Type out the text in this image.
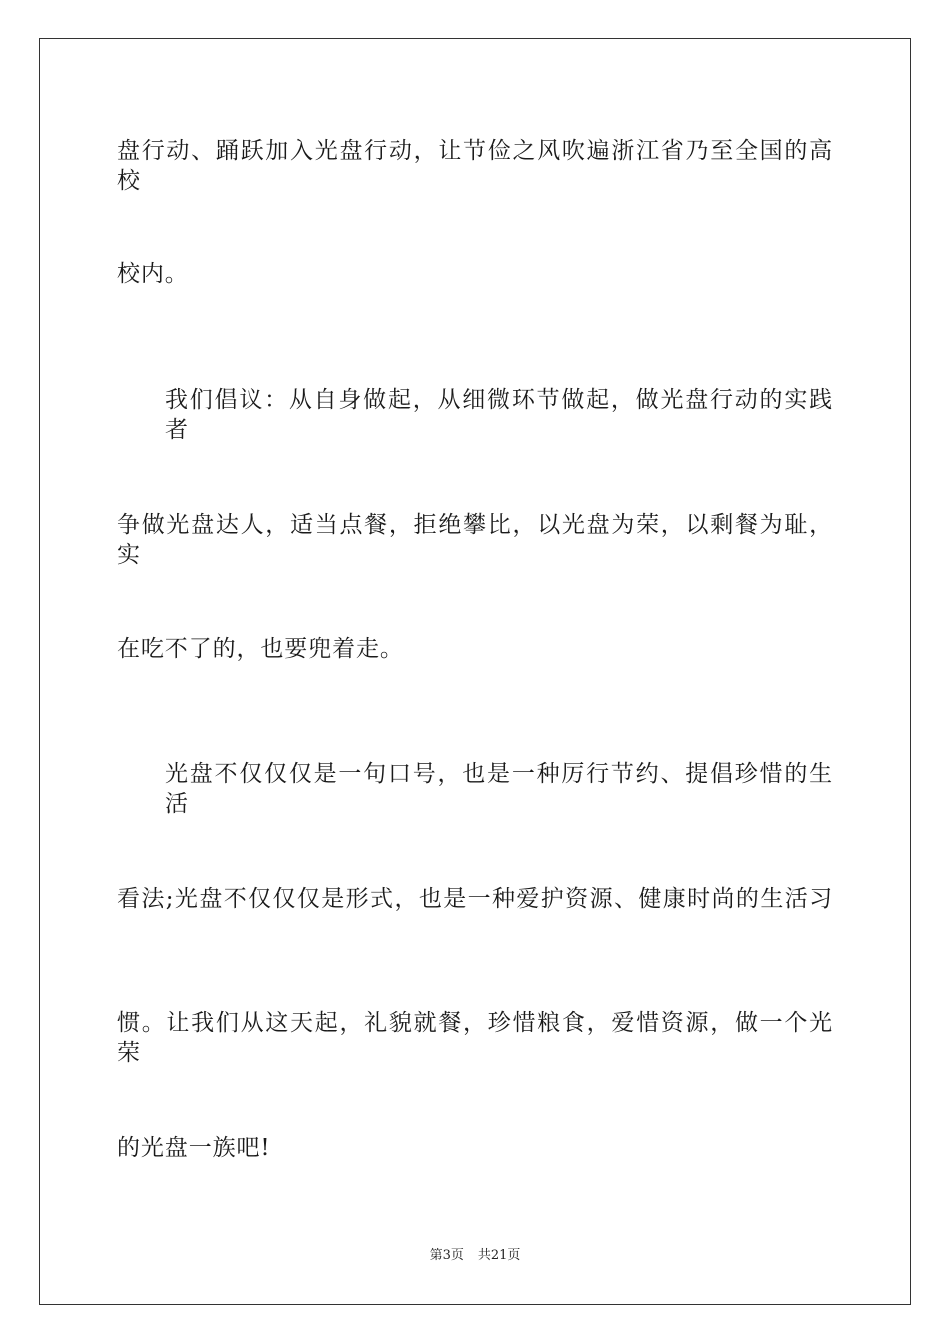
盘行动、踊跃加入光盘行动，让节俭之风吹遍浙江省乃至全国的高校
校内。
我们倡议：从自身做起，从细微环节做起，做光盘行动的实践者
争做光盘达人，适当点餐，拒绝攀比，以光盘为荣，以剩餐为耻，实
在吃不了的，也要兜着走。
光盘不仅仅仅是一句口号，也是一种厉行节约、提倡珍惜的生活
看法;光盘不仅仅仅是形式，也是一种爱护资源、健康时尚的生活习
惯。让我们从这天起，礼貌就餐，珍惜粮食，爱惜资源，做一个光荣
的光盘一族吧!
第3页 共21页
